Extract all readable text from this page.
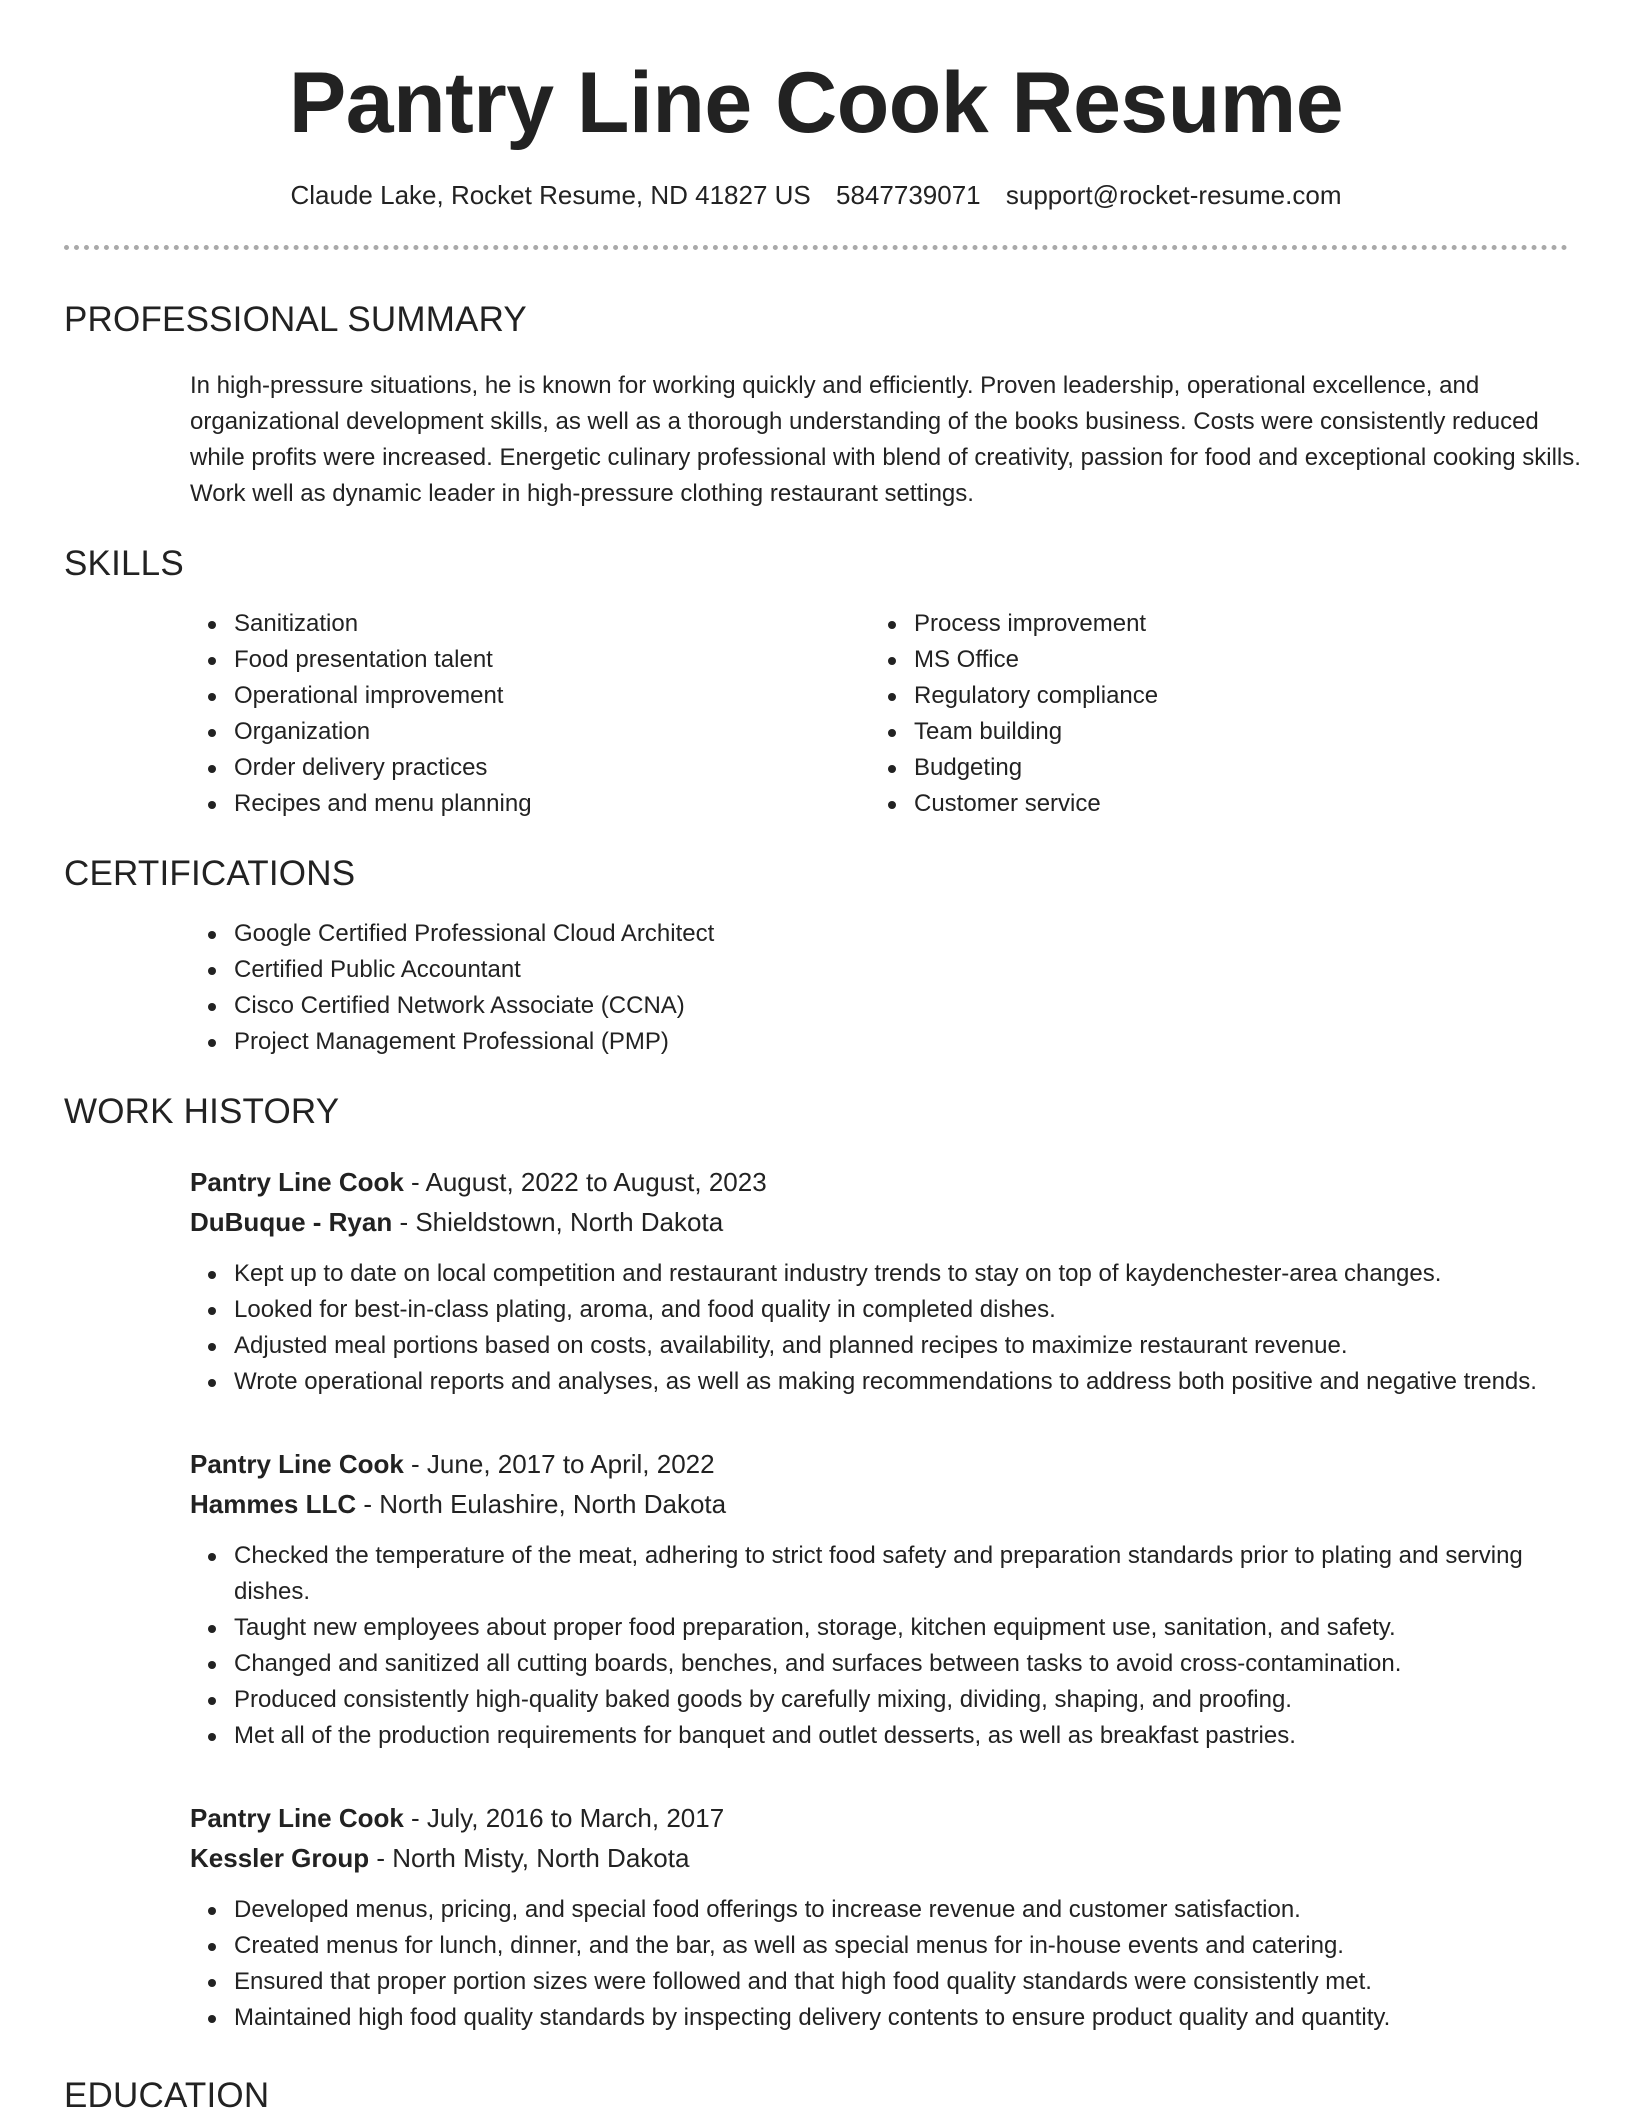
Pantry Line Cook Resume
Claude Lake, Rocket Resume, ND 41827 US 5847739071 support@rocket-resume.com
PROFESSIONAL SUMMARY

In high-pressure situations, he is known for working quickly and efficiently. Proven leadership, operational excellence, and organizational development skills, as well as a thorough understanding of the books business. Costs were consistently reduced while profits were increased. Energetic culinary professional with blend of creativity, passion for food and exceptional cooking skills. Work well as dynamic leader in high-pressure clothing restaurant settings.

SKILLS
Sanitization
Food presentation talent
Operational improvement
Organization
Order delivery practices
Recipes and menu planning
Process improvement
MS Office
Regulatory compliance
Team building
Budgeting
Customer service
CERTIFICATIONS
Google Certified Professional Cloud Architect
Certified Public Accountant
Cisco Certified Network Associate (CCNA)
Project Management Professional (PMP)
WORK HISTORY
Pantry Line Cook - August, 2022 to August, 2023
DuBuque - Ryan - Shieldstown, North Dakota
Kept up to date on local competition and restaurant industry trends to stay on top of kaydenchester-area changes.
Looked for best-in-class plating, aroma, and food quality in completed dishes.
Adjusted meal portions based on costs, availability, and planned recipes to maximize restaurant revenue.
Wrote operational reports and analyses, as well as making recommendations to address both positive and negative trends.
Pantry Line Cook - June, 2017 to April, 2022
Hammes LLC - North Eulashire, North Dakota
Checked the temperature of the meat, adhering to strict food safety and preparation standards prior to plating and serving dishes.
Taught new employees about proper food preparation, storage, kitchen equipment use, sanitation, and safety.
Changed and sanitized all cutting boards, benches, and surfaces between tasks to avoid cross-contamination.
Produced consistently high-quality baked goods by carefully mixing, dividing, shaping, and proofing.
Met all of the production requirements for banquet and outlet desserts, as well as breakfast pastries.
Pantry Line Cook - July, 2016 to March, 2017
Kessler Group - North Misty, North Dakota
Developed menus, pricing, and special food offerings to increase revenue and customer satisfaction.
Created menus for lunch, dinner, and the bar, as well as special menus for in-house events and catering.
Ensured that proper portion sizes were followed and that high food quality standards were consistently met.
Maintained high food quality standards by inspecting delivery contents to ensure product quality and quantity.
EDUCATION
